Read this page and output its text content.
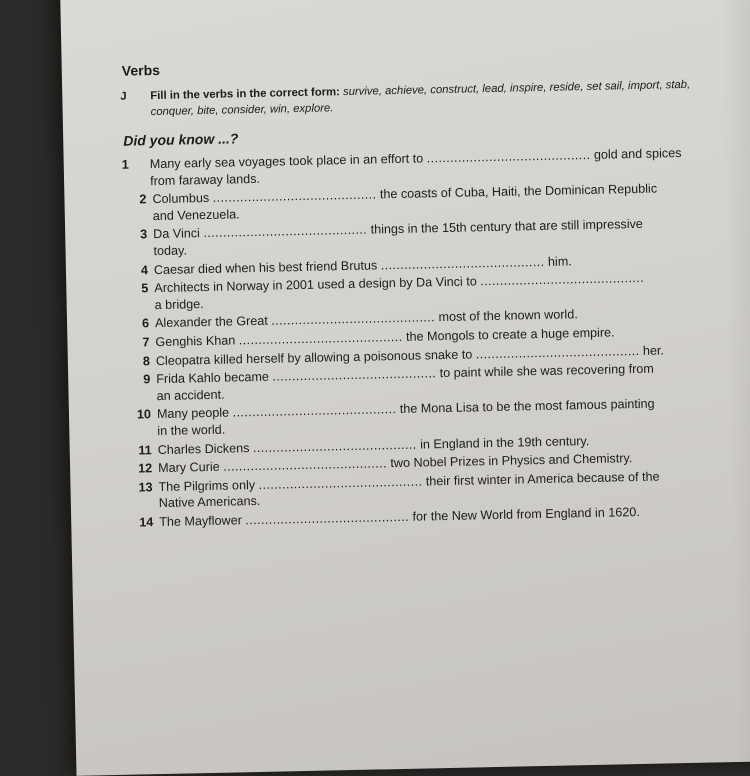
Verbs
J Fill in the verbs in the correct form: survive, achieve, construct, lead, inspire, reside, set sail, import, stab, conquer, bite, consider, win, explore.
Did you know ...?
1 Many early sea voyages took place in an effort to .......................................... gold and spices
from faraway lands.
2 Columbus .......................................... the coasts of Cuba, Haiti, the Dominican Republic
and Venezuela.
3 Da Vinci .......................................... things in the 15th century that are still impressive
today.
4 Caesar died when his best friend Brutus .......................................... him.
5 Architects in Norway in 2001 used a design by Da Vinci to ..........................................
a bridge.
6 Alexander the Great .......................................... most of the known world.
7 Genghis Khan .......................................... the Mongols to create a huge empire.
8 Cleopatra killed herself by allowing a poisonous snake to .......................................... her.
9 Frida Kahlo became .......................................... to paint while she was recovering from
an accident.
10 Many people .......................................... the Mona Lisa to be the most famous painting
in the world.
11 Charles Dickens .......................................... in England in the 19th century.
12 Mary Curie .......................................... two Nobel Prizes in Physics and Chemistry.
13 The Pilgrims only .......................................... their first winter in America because of the
Native Americans.
14 The Mayflower .......................................... for the New World from England in 1620.
